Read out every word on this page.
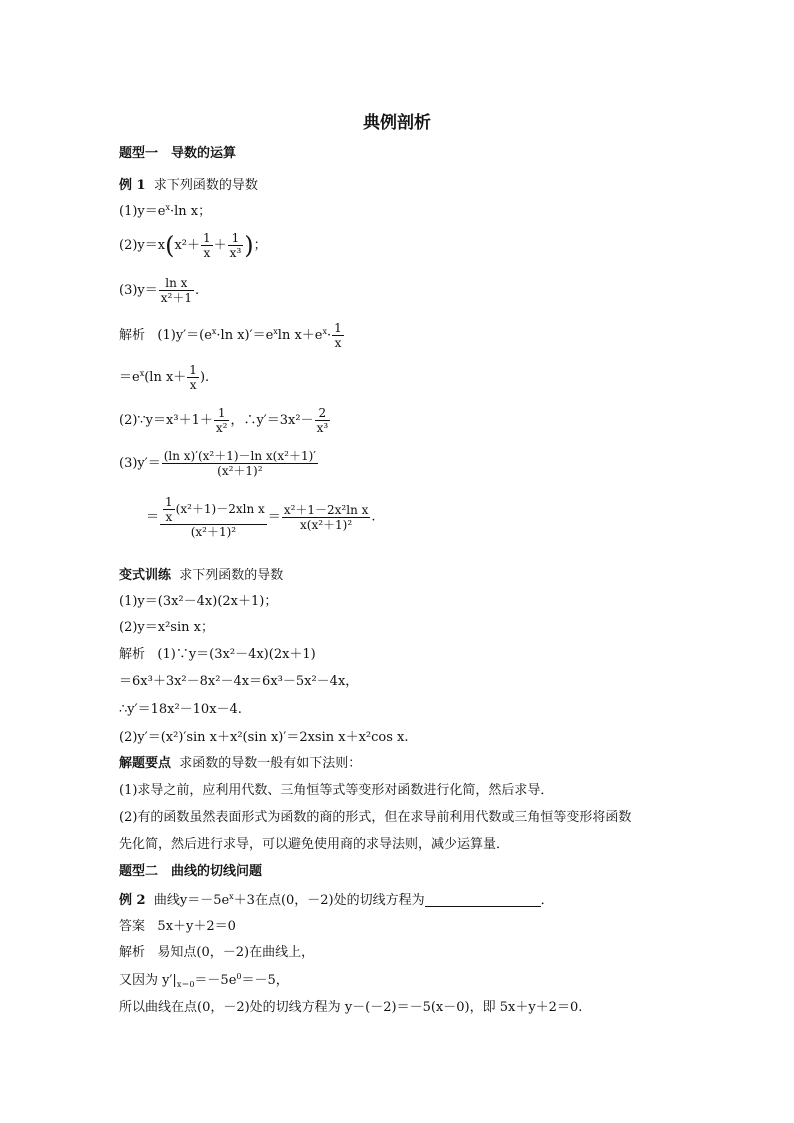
典例剖析
题型一　导数的运算
例 1 求下列函数的导数
$(1)y=e^x\cdot\ln$ x；
$(2)y=x(x^2+ \frac{1}{x} + \frac{1}{\text{x³}}$ )；
$(3)y= \frac{\text{ln x}}{\text{x²＋1}}$ .
解析 $(1)y'=(e^x\cdot\ln$ $x)'=e^x\ln$ $x+e^x\cdot \frac{1}{x}$
$=e^x(\ln$ $x+ \frac{1}{x}$ ).
(2)∵y＝x³＋1＋ $\frac{1}{\text{x²}}$ ，∴y′＝3x²－ $\frac{2}{\text{x³}}$
$(3)y'= \frac{\text{(ln x)′(x²＋1)－ln x(x²＋1)′}}{\text{(x²＋1)²}}$
＝ $\frac{\frac{1}{x} (x^2+1)-2xln x}{\text{(x²＋1)²}} = \frac{\text{x²＋1－2x²ln x}}{\text{x(x²＋1)²}}$ .
变式训练 求下列函数的导数
(1)y＝(3x²－4x)(2x＋1)；
(2)y＝x²sin x；
解析 (1)∵y＝(3x²－4x)(2x＋1)
＝6x³＋3x²－8x²－4x＝6x³－5x²－4x，
∴y′＝18x²－10x－4.
(2)y′＝(x²)′sin x＋x²(sin x)′＝2xsin x＋x²cos x.
解题要点 求函数的导数一般有如下法则：
(1)求导之前，应利用代数、三角恒等式等变形对函数进行化简，然后求导．
(2)有的函数虽然表面形式为函数的商的形式，但在求导前利用代数或三角恒等变形将函数
先化简，然后进行求导，可以避免使用商的求导法则，减少运算量．
题型二　曲线的切线问题
例 2 曲线$y=-5e^x+3$在点(0，－2)处的切线方程为	．
答案 5x＋y＋2＝0
解析 易知点(0，－2)在曲线上，
又因为 $y'|_{x=0}=-5e^0=-5$，
所以曲线在点(0，－2)处的切线方程为 y－(－2)＝－5(x－0)，即 5x＋y＋2＝0.
